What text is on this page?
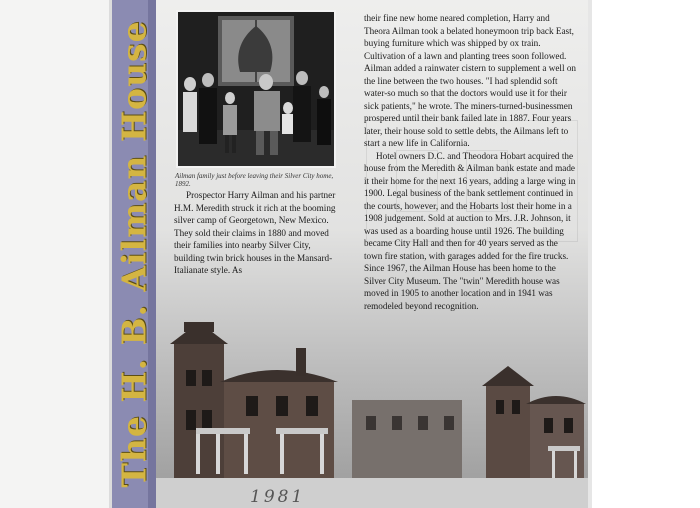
The H. B. Ailman House	Ailman family just before leaving their Silver City home, 1892.

Prospector Harry Ailman and his partner H.M. Meredith struck it rich at the booming silver camp of Georgetown, New Mexico. They sold their claims in 1880 and moved their families into nearby Silver City, building twin brick houses in the Mansard-Italianate style. As

their fine new home neared completion, Harry and Theora Ailman took a belated honeymoon trip back East, buying furniture which was shipped by ox train. Cultivation of a lawn and planting trees soon followed. Ailman added a rainwater cistern to supplement a well on the line between the two houses. "I had splendid soft water-so much so that the doctors would use it for their sick patients," he wrote. The miners-turned-businessmen prospered until their bank failed late in 1887. Four years later, their house sold to settle debts, the Ailmans left to start a new life in California.

Hotel owners D.C. and Theodora Hobart acquired the house from the Meredith & Ailman bank estate and made it their home for the next 16 years, adding a large wing in 1900. Legal business of the bank settlement continued in the courts, however, and the Hobarts lost their home in a 1908 judgement. Sold at auction to Mrs. J.R. Johnson, it was used as a boarding house until 1926. The building became City Hall and then for 40 years served as the town fire station, with garages added for the fire trucks. Since 1967, the Ailman House has been home to the Silver City Museum. The "twin" Meredith house was moved in 1905 to another location and in 1941 was remodeled beyond recognition.

1981
